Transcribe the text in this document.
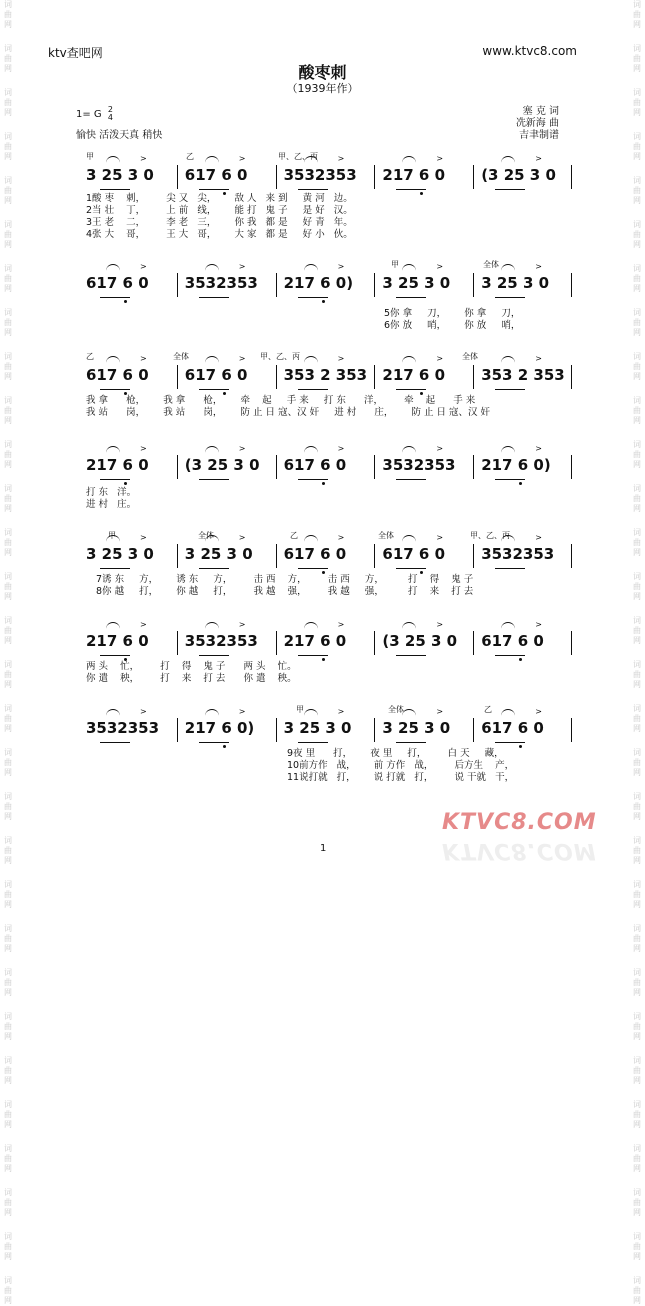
词
曲
网
词
曲
网
词
曲
网
词
曲
网
词
曲
网
词
曲
网
词
曲
网
词
曲
网
词
曲
网
词
曲
网
词
曲
网
词
曲
网
词
曲
网
词
曲
网
词
曲
网
词
曲
网
词
曲
网
词
曲
网
词
曲
网
词
曲
网
词
曲
网
词
曲
网
词
曲
网
词
曲
网
词
曲
网
词
曲
网
词
曲
网
词
曲
网
词
曲
网
词
曲
网
词
曲
网
词
曲
网
词
曲
网
词
曲
网
词
曲
网
词
曲
网
词
曲
网
词
曲
网
词
曲
网
词
曲
网
词
曲
网
词
曲
网
词
曲
网
词
曲
网
词
曲
网
词
曲
网
词
曲
网
词
曲
网
词
曲
网
词
曲
网
词
曲
网
词
曲
网
词
曲
网
词
曲
网
词
曲
网
词
曲
网
词
曲
网
词
曲
网
词
曲
网
词
曲
网
ktv查吧网	www.ktvc8.com
酸枣刺
（1939年作）
1= G 2
4
愉快 活泼天真 稍快
塞 克 词
冼新海 曲
吉聿制谱
甲	乙	甲、乙、丙
3 25 3 0
>
617 6 0
>
3532353
>
217 6 0
>
(3 25 3 0
>
1酸 枣    刺，       尖 又   尖，      敌 人   来 到     黄 河   边。
2当 壮    丁，       上 前   线，      能 打   鬼 子     是 好   汉。
3王 老    二，       李 老   三，      你 我   都 是     好 青   年。
4张 大    哥，       王 大   哥，      大 家   都 是     好 小   伙。
甲	全体
617 6 0
>
3532353
>
217 6 0)
>
3 25 3 0
>
3 25 3 0
>
5你 拿     刀，      你 拿     刀，
6你 放     哨，      你 放     哨，
乙	全体	甲、乙、丙	全体
617 6 0
>
617 6 0
>
353 2 353
>
217 6 0
>
353 2 353
>
我 拿      枪，      我 拿      枪，      牵    起     手 来     打 东      洋，       牵    起      手 来
我 站      岗，      我 站      岗，      防 止 日 寇、汉 奸     进 村      庄，      防 止 日 寇、汉 奸
217 6 0
>
(3 25 3 0
>
617 6 0
>
3532353
>
217 6 0)
>
打 东   洋。
进 村   庄。
甲	全体	乙	全体	甲、乙、丙
3 25 3 0
>
3 25 3 0
>
617 6 0
>
617 6 0
>
3532353
>
7诱 东     方，      诱 东     方，       击 西    方，       击 西     方，        打    得    鬼 子
8你 越     打，      你 越     打，       我 越    强，       我 越     强，        打    来    打 去
217 6 0
>
3532353
>
217 6 0
>
(3 25 3 0
>
617 6 0
>
两 头    忙，       打    得    鬼 子      两 头    忙。
你 遣    秧，       打    来    打 去      你 遣    秧。
甲	全体	乙
3532353
>
217 6 0)
>
3 25 3 0
>
3 25 3 0
>
617 6 0
>
9夜 里      打，      夜 里     打，       白 天     藏，
10前方作   战，      前 方作   战，       后方生    产，
11说打就   打，      说 打就   打，       说 干就   干，
1
KTVC8.COM
KTVC8.COM
